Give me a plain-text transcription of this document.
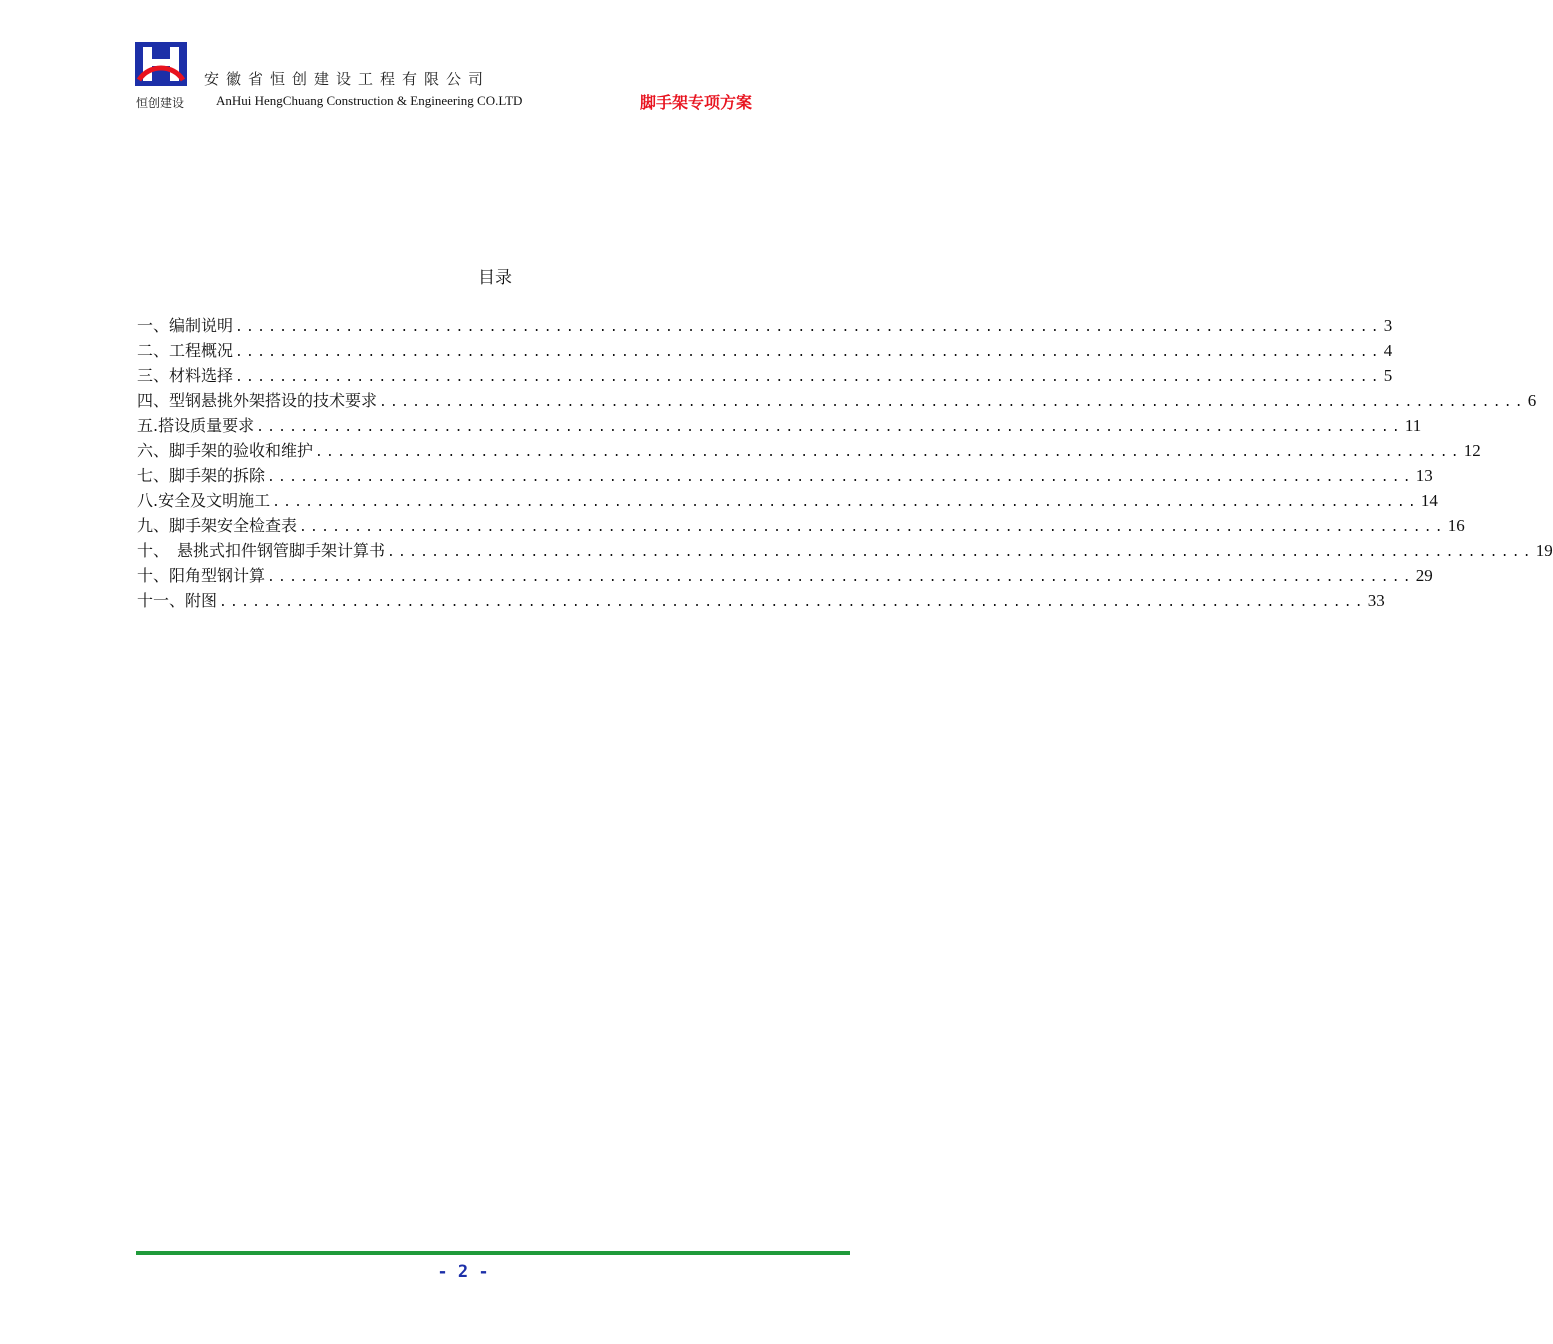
安徽省恒创建设工程有限公司
恒创建设 AnHui HengChuang Construction & Engineering CO.LTD	脚手架专项方案
目录
一、编制说明 ........................................................................................................ 3
二、工程概况 ........................................................................................................ 4
三、材料选择 ........................................................................................................ 5
四、型钢悬挑外架搭设的技术要求 ........................................................................................................ 6
五.搭设质量要求 ........................................................................................................ 11
六、脚手架的验收和维护 ........................................................................................................ 12
七、脚手架的拆除 ........................................................................................................ 13
八.安全及文明施工 ........................................................................................................ 14
九、脚手架安全检查表 ........................................................................................................ 16
十、　悬挑式扣件钢管脚手架计算书 ........................................................................................................ 19
十、阳角型钢计算 ........................................................................................................ 29
十一、附图 ........................................................................................................ 33
- 2 -
